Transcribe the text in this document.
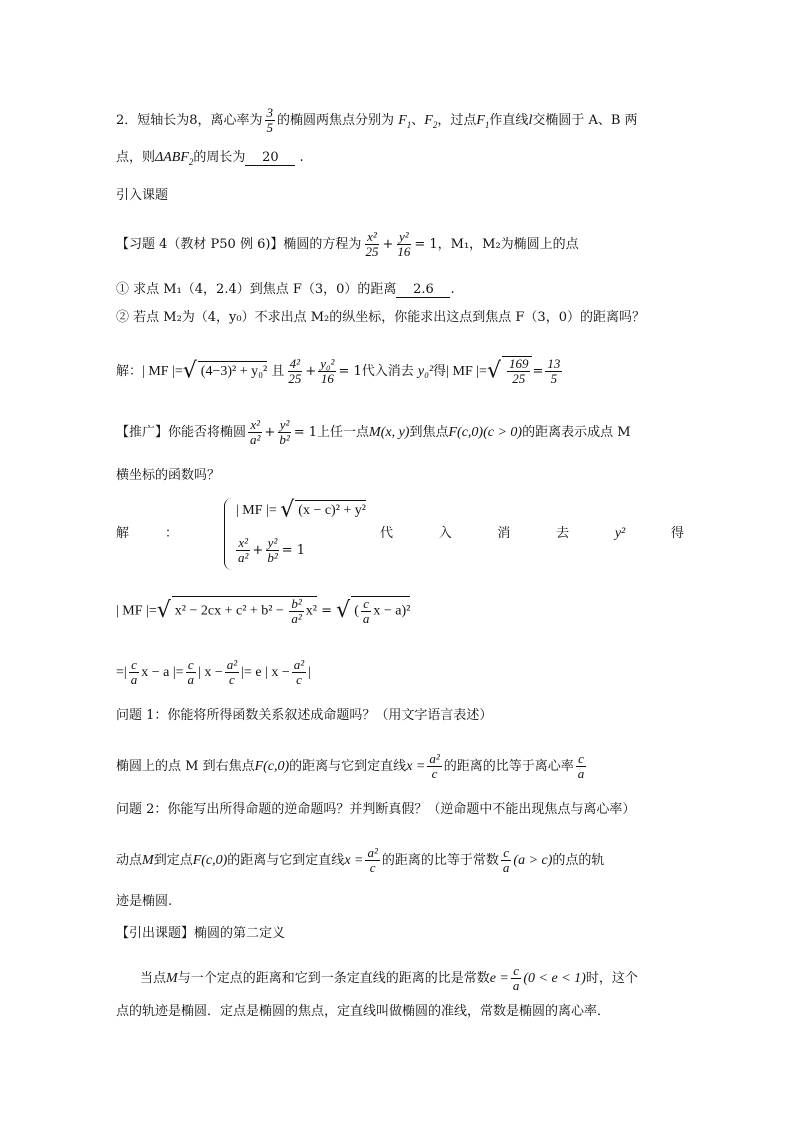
2．短轴长为8，离心率为 $\frac{3}{5}$ 的椭圆两焦点分别为 $F_1$、$F_2$，过点$F_1$作直线l交椭圆于 A、B 两
点，则$\Delta ABF_2$的周长为 20 .
引入课题
【习题 4（教材 P50 例 6)】椭圆的方程为 $\frac{\text{x²}}{25} + \frac{\text{y²}}{16} = 1$，M₁，M₂为椭圆上的点
① 求点 M₁（4，2.4）到焦点 F（3，0）的距离 2.6 .
② 若点 M₂为（4，y₀）不求出点 M₂的纵坐标，你能求出这点到焦点 F（3，0）的距离吗？
解：| MF |=√ (4−3)² + y₀² 且 $\frac{\text{4²}}{25} + \frac{\text{y₀²}}{16} = 1$代入消去 y₀²得| MF |=√ $\frac{169}{25} = \frac{13}{5}$
【推广】你能否将椭圆 $\frac{\text{x²}}{\text{a²}} + \frac{\text{y²}}{\text{b²}} = 1$上任一点M(x, y)到焦点F(c,0)(c > 0)的距离表示成点 M
横坐标的函数吗？
解	：
| MF |= √ (x − c)² + y²
$\frac{\text{x²}}{\text{a²}} + \frac{\text{y²}}{\text{b²}} = 1$
代	入	消	去	y²	得
| MF |=√ $x^2 - 2cx + c^2 + b^2 - \frac{\text{b²}}{\text{a²}} x^2$ = √ ( $\frac{c}{a}$ x − a)²
=| $\frac{c}{a}$ x − a |= $\frac{c}{a}$ | $x - \frac{\text{a²}}{c}$ |= e | $x - \frac{\text{a²}}{c}$ |
问题 1：你能将所得函数关系叙述成命题吗？（用文字语言表述）
椭圆上的点 M 到右焦点F(c,0)的距离与它到定直线$x = \frac{\text{a²}}{c}$ 的距离的比等于离心率 $\frac{c}{a}$
问题 2：你能写出所得命题的逆命题吗？并判断真假？（逆命题中不能出现焦点与离心率）
动点M到定点F(c,0)的距离与它到定直线$x = \frac{\text{a²}}{c}$ 的距离的比等于常数 $\frac{c}{a} (a > c)$的点的轨
迹是椭圆.
【引出课题】椭圆的第二定义
当点M与一个定点的距离和它到一条定直线的距离的比是常数$e = \frac{c}{a} (0 < e < 1)$时，这个
点的轨迹是椭圆．定点是椭圆的焦点，定直线叫做椭圆的准线，常数是椭圆的离心率．
